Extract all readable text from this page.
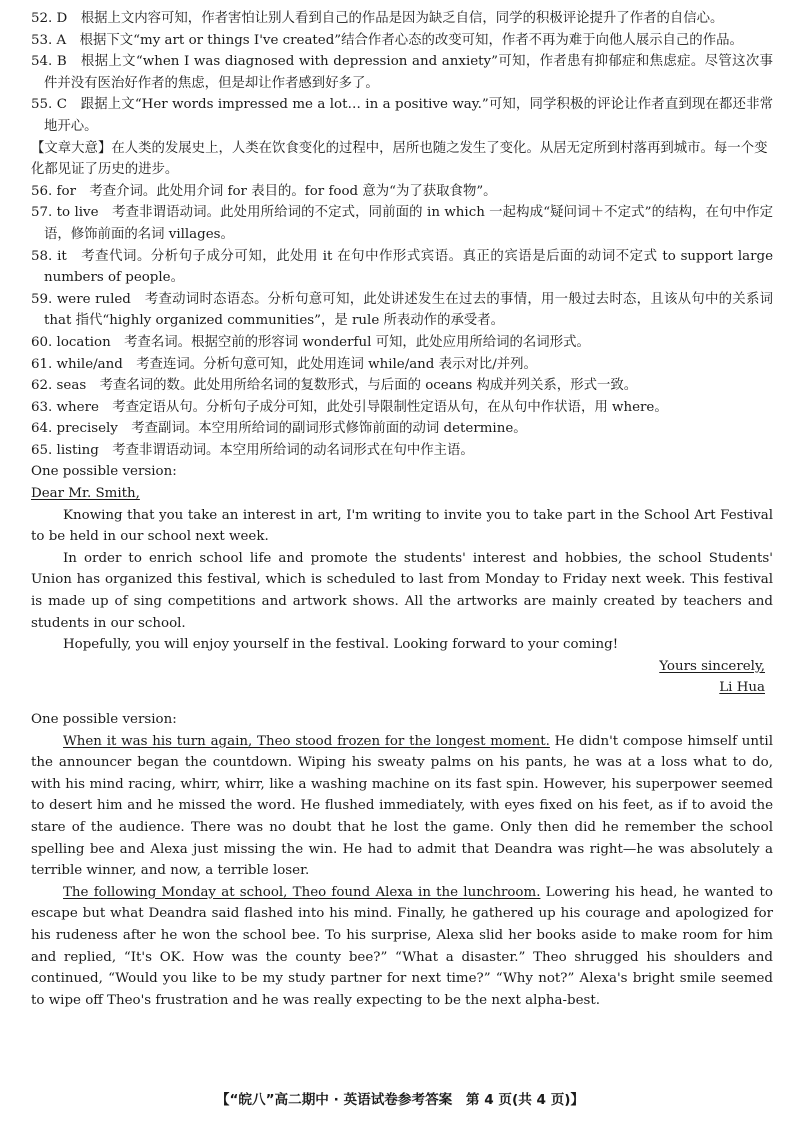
52. D　 根据上文内容可知，作者害怕让别人看到自己的作品是因为缺乏自信，同学的积极评论提升了作者的自信心。

53. A　 根据下文“my art or things I've created”结合作者心态的改变可知，作者不再为难于向他人展示自己的作品。

54. B　 根据上文“when I was diagnosed with depression and anxiety”可知，作者患有抑郁症和焦虑症。尽管这次事件并没有医治好作者的焦虑，但是却让作者感到好多了。

55. C　 跟据上文“Her words impressed me a lot… in a positive way.”可知，同学积极的评论让作者直到现在都还非常地开心。

【文章大意】在人类的发展史上，人类在饮食变化的过程中，居所也随之发生了变化。从居无定所到村落再到城市。每一个变化都见证了历史的进步。

56. for　 考查介词。此处用介词 for 表目的。for food 意为“为了获取食物”。

57. to live　 考查非谓语动词。此处用所给词的不定式，同前面的 in which 一起构成“疑问词＋不定式”的结构，在句中作定语，修饰前面的名词 villages。

58. it　 考查代词。分析句子成分可知，此处用 it 在句中作形式宾语。真正的宾语是后面的动词不定式 to support large numbers of people。

59. were ruled　 考查动词时态语态。分析句意可知，此处讲述发生在过去的事情，用一般过去时态，且该从句中的关系词 that 指代“highly organized communities”，是 rule 所表动作的承受者。

60. location　 考查名词。根据空前的形容词 wonderful 可知，此处应用所给词的名词形式。

61. while/and　 考查连词。分析句意可知，此处用连词 while/and 表示对比/并列。

62. seas　 考查名词的数。此处用所给名词的复数形式，与后面的 oceans 构成并列关系，形式一致。

63. where　 考查定语从句。分析句子成分可知，此处引导限制性定语从句，在从句中作状语，用 where。

64. precisely　 考查副词。本空用所给词的副词形式修饰前面的动词 determine。

65. listing　 考查非谓语动词。本空用所给词的动名词形式在句中作主语。

One possible version:

Dear Mr. Smith,

Knowing that you take an interest in art, I'm writing to invite you to take part in the School Art Festival to be held in our school next week.

In order to enrich school life and promote the students' interest and hobbies, the school Students' Union has organized this festival, which is scheduled to last from Monday to Friday next week. This festival is made up of sing competitions and artwork shows. All the artworks are mainly created by teachers and students in our school.

Hopefully, you will enjoy yourself in the festival. Looking forward to your coming!

Yours sincerely,

Li Hua

One possible version:

When it was his turn again, Theo stood frozen for the longest moment. He didn't compose himself until the announcer began the countdown. Wiping his sweaty palms on his pants, he was at a loss what to do, with his mind racing, whirr, whirr, like a washing machine on its fast spin. However, his superpower seemed to desert him and he missed the word. He flushed immediately, with eyes fixed on his feet, as if to avoid the stare of the audience. There was no doubt that he lost the game. Only then did he remember the school spelling bee and Alexa just missing the win. He had to admit that Deandra was right—he was absolutely a terrible winner, and now, a terrible loser.

The following Monday at school, Theo found Alexa in the lunchroom. Lowering his head, he wanted to escape but what Deandra said flashed into his mind. Finally, he gathered up his courage and apologized for his rudeness after he won the school bee. To his surprise, Alexa slid her books aside to make room for him and replied, “It's OK. How was the county bee?” “What a disaster.” Theo shrugged his shoulders and continued, “Would you like to be my study partner for next time?” “Why not?” Alexa's bright smile seemed to wipe off Theo's frustration and he was really expecting to be the next alpha-best.

【“皖八”高二期中 · 英语试卷参考答案　第 4 页(共 4 页)】
